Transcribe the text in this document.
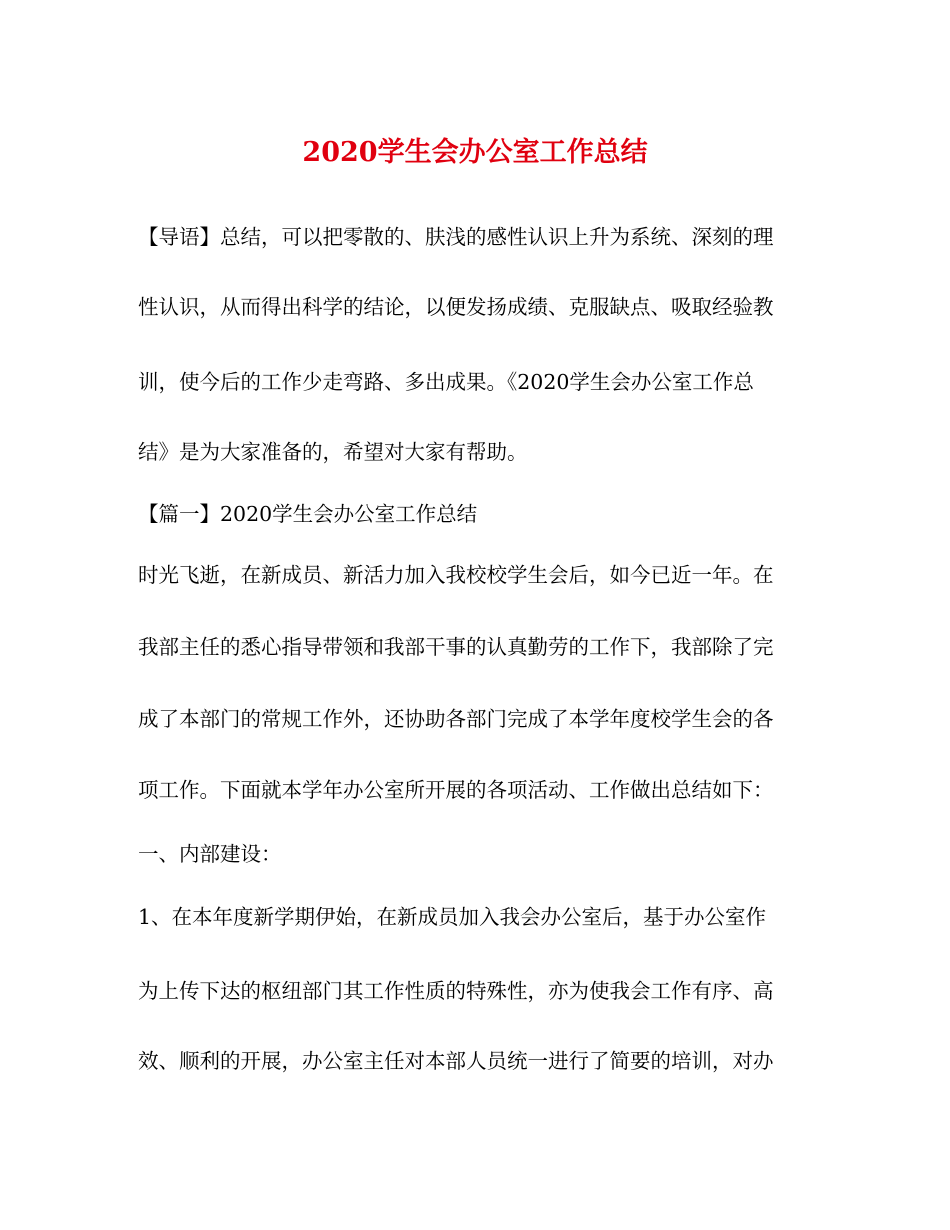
2020学生会办公室工作总结
【导语】总结，可以把零散的、肤浅的感性认识上升为系统、深刻的理
性认识，从而得出科学的结论，以便发扬成绩、克服缺点、吸取经验教
训，使今后的工作少走弯路、多出成果。《2020学生会办公室工作总
结》是为大家准备的，希望对大家有帮助。
【篇一】2020学生会办公室工作总结
时光飞逝，在新成员、新活力加入我校校学生会后，如今已近一年。在
我部主任的悉心指导带领和我部干事的认真勤劳的工作下，我部除了完
成了本部门的常规工作外，还协助各部门完成了本学年度校学生会的各
项工作。下面就本学年办公室所开展的各项活动、工作做出总结如下：
一、内部建设：
1、在本年度新学期伊始，在新成员加入我会办公室后，基于办公室作
为上传下达的枢纽部门其工作性质的特殊性，亦为使我会工作有序、高
效、顺利的开展，办公室主任对本部人员统一进行了简要的培训，对办
